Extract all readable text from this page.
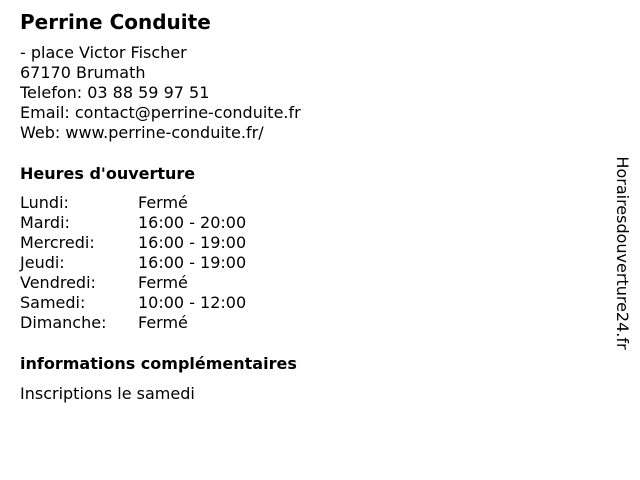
Perrine Conduite
- place Victor Fischer
67170 Brumath
Telefon: 03 88 59 97 51
Email: contact@perrine-conduite.fr
Web: www.perrine-conduite.fr/
Heures d'ouverture
Lundi:	Fermé
Mardi:	16:00 - 20:00
Mercredi:	16:00 - 19:00
Jeudi:	16:00 - 19:00
Vendredi:	Fermé
Samedi:	10:00 - 12:00
Dimanche:	Fermé
informations complémentaires
Inscriptions le samedi
Horairesdouverture24.fr
